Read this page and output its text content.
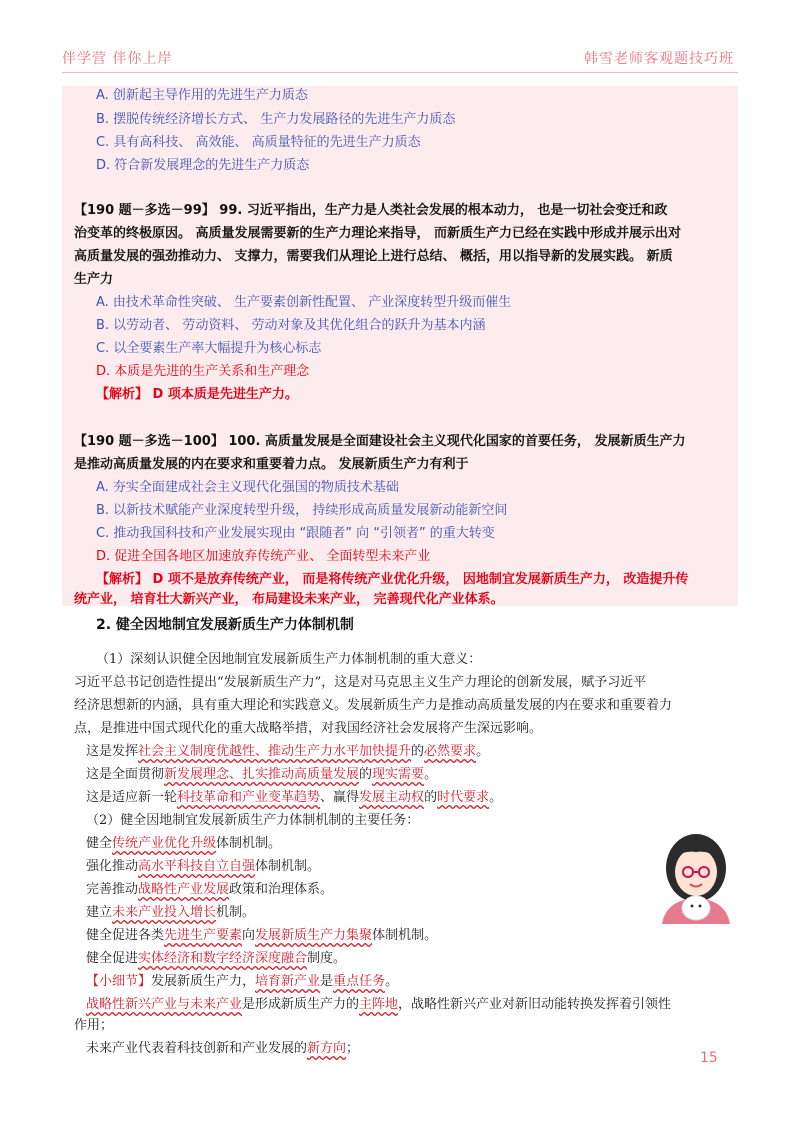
伴学营 伴你上岸	韩雪老师客观题技巧班
A. 创新起主导作用的先进生产力质态
B. 摆脱传统经济增长方式、 生产力发展路径的先进生产力质态
C. 具有高科技、 高效能、 高质量特征的先进生产力质态
D. 符合新发展理念的先进生产力质态
【190 题－多选－99】 99. 习近平指出，生产力是人类社会发展的根本动力， 也是一切社会变迁和政
治变革的终极原因。 高质量发展需要新的生产力理论来指导， 而新质生产力已经在实践中形成并展示出对
高质量发展的强劲推动力、 支撑力，需要我们从理论上进行总结、 概括，用以指导新的发展实践。 新质
生产力
A. 由技术革命性突破、 生产要素创新性配置、 产业深度转型升级而催生
B. 以劳动者、 劳动资料、 劳动对象及其优化组合的跃升为基本内涵
C. 以全要素生产率大幅提升为核心标志
D. 本质是先进的生产关系和生产理念
【解析】 D 项本质是先进生产力。
【190 题－多选－100】 100. 高质量发展是全面建设社会主义现代化国家的首要任务， 发展新质生产力
是推动高质量发展的内在要求和重要着力点。 发展新质生产力有利于
A. 夯实全面建成社会主义现代化强国的物质技术基础
B. 以新技术赋能产业深度转型升级， 持续形成高质量发展新动能新空间
C. 推动我国科技和产业发展实现由 “跟随者” 向 “引领者” 的重大转变
D. 促进全国各地区加速放弃传统产业、 全面转型未来产业
【解析】 D 项不是放弃传统产业， 而是将传统产业优化升级， 因地制宜发展新质生产力， 改造提升传
统产业， 培育壮大新兴产业， 布局建设未来产业， 完善现代化产业体系。
2. 健全因地制宜发展新质生产力体制机制
（1）深刻认识健全因地制宜发展新质生产力体制机制的重大意义：
习近平总书记创造性提出“发展新质生产力”，这是对马克思主义生产力理论的创新发展，赋予习近平
经济思想新的内涵，具有重大理论和实践意义。发展新质生产力是推动高质量发展的内在要求和重要着力
点，是推进中国式现代化的重大战略举措，对我国经济社会发展将产生深远影响。
这是发挥社会主义制度优越性、推动生产力水平加快提升的必然要求。
这是全面贯彻新发展理念、扎实推动高质量发展的现实需要。
这是适应新一轮科技革命和产业变革趋势、赢得发展主动权的时代要求。
（2）健全因地制宜发展新质生产力体制机制的主要任务：
健全传统产业优化升级体制机制。
强化推动高水平科技自立自强体制机制。
完善推动战略性产业发展政策和治理体系。
建立未来产业投入增长机制。
健全促进各类先进生产要素向发展新质生产力集聚体制机制。
健全促进实体经济和数字经济深度融合制度。
【小细节】发展新质生产力，培育新产业是重点任务。
战略性新兴产业与未来产业是形成新质生产力的主阵地，战略性新兴产业对新旧动能转换发挥着引领性
作用；
未来产业代表着科技创新和产业发展的新方向；
15
